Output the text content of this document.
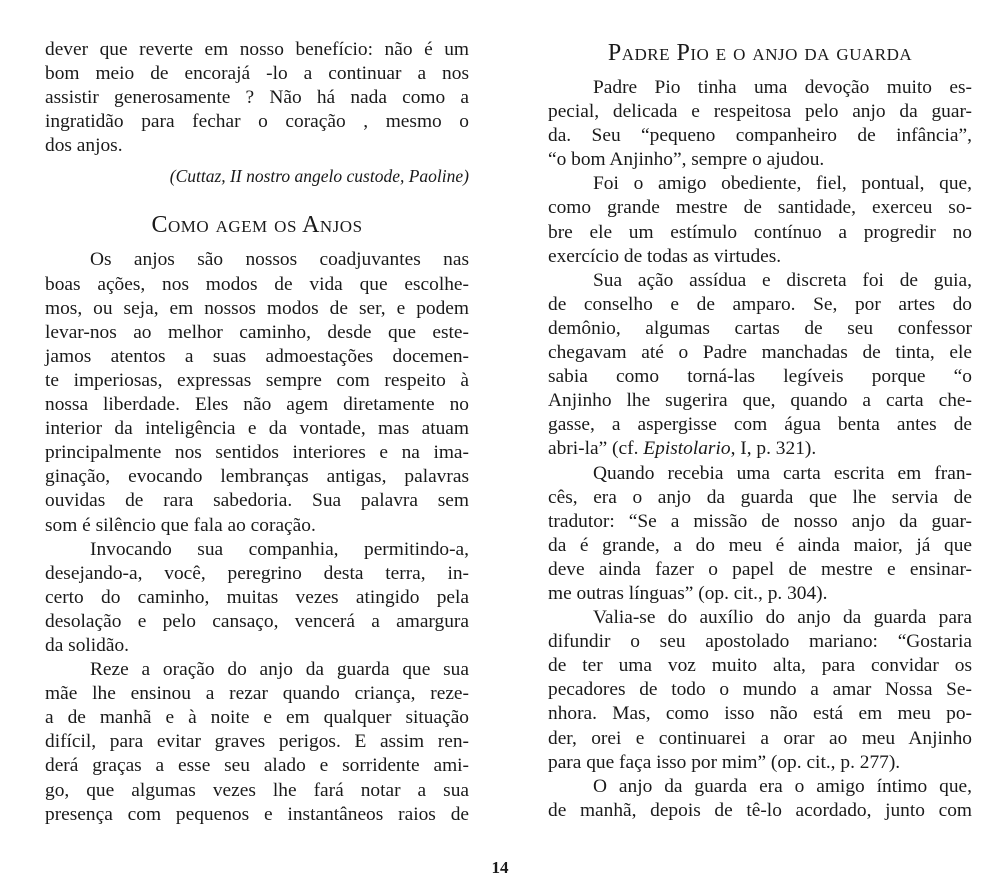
dever que reverte em nosso benefício: não é um
bom meio de encorajá -lo a continuar a nos
assistir generosamente ? Não há nada como a
ingratidão para fechar o coração , mesmo o
dos anjos.

(Cuttaz, II nostro angelo custode, Paoline)

Como agem os Anjos
Os anjos são nossos coadjuvantes nas
boas ações, nos modos de vida que escolhe-
mos, ou seja, em nossos modos de ser, e podem
levar-nos ao melhor caminho, desde que este-
jamos atentos a suas admoestações docemen-
te imperiosas, expressas sempre com respeito à
nossa liberdade. Eles não agem diretamente no
interior da inteligência e da vontade, mas atuam
principalmente nos sentidos interiores e na ima-
ginação, evocando lembranças antigas, palavras
ouvidas de rara sabedoria. Sua palavra sem
som é silêncio que fala ao coração.
Invocando sua companhia, permitindo-a,
desejando-a, você, peregrino desta terra, in-
certo do caminho, muitas vezes atingido pela
desolação e pelo cansaço, vencerá a amargura
da solidão.
Reze a oração do anjo da guarda que sua
mãe lhe ensinou a rezar quando criança, reze-
a de manhã e à noite e em qualquer situação
difícil, para evitar graves perigos. E assim ren-
derá graças a esse seu alado e sorridente ami-
go, que algumas vezes lhe fará notar a sua
presença com pequenos e instantâneos raios de
Padre Pio e o anjo da guarda
Padre Pio tinha uma devoção muito es-
pecial, delicada e respeitosa pelo anjo da guar-
da. Seu “pequeno companheiro de infância”,
“o bom Anjinho”, sempre o ajudou.
Foi o amigo obediente, fiel, pontual, que,
como grande mestre de santidade, exerceu so-
bre ele um estímulo contínuo a progredir no
exercício de todas as virtudes.
Sua ação assídua e discreta foi de guia,
de conselho e de amparo. Se, por artes do
demônio, algumas cartas de seu confessor
chegavam até o Padre manchadas de tinta, ele
sabia como torná-las legíveis porque “o
Anjinho lhe sugerira que, quando a carta che-
gasse, a aspergisse com água benta antes de
abri-la” (cf. Epistolario, I, p. 321).
Quando recebia uma carta escrita em fran-
cês, era o anjo da guarda que lhe servia de
tradutor: “Se a missão de nosso anjo da guar-
da é grande, a do meu é ainda maior, já que
deve ainda fazer o papel de mestre e ensinar-
me outras línguas” (op. cit., p. 304).
Valia-se do auxílio do anjo da guarda para
difundir o seu apostolado mariano: “Gostaria
de ter uma voz muito alta, para convidar os
pecadores de todo o mundo a amar Nossa Se-
nhora. Mas, como isso não está em meu po-
der, orei e continuarei a orar ao meu Anjinho
para que faça isso por mim” (op. cit., p. 277).
O anjo da guarda era o amigo íntimo que,
de manhã, depois de tê-lo acordado, junto com
14
